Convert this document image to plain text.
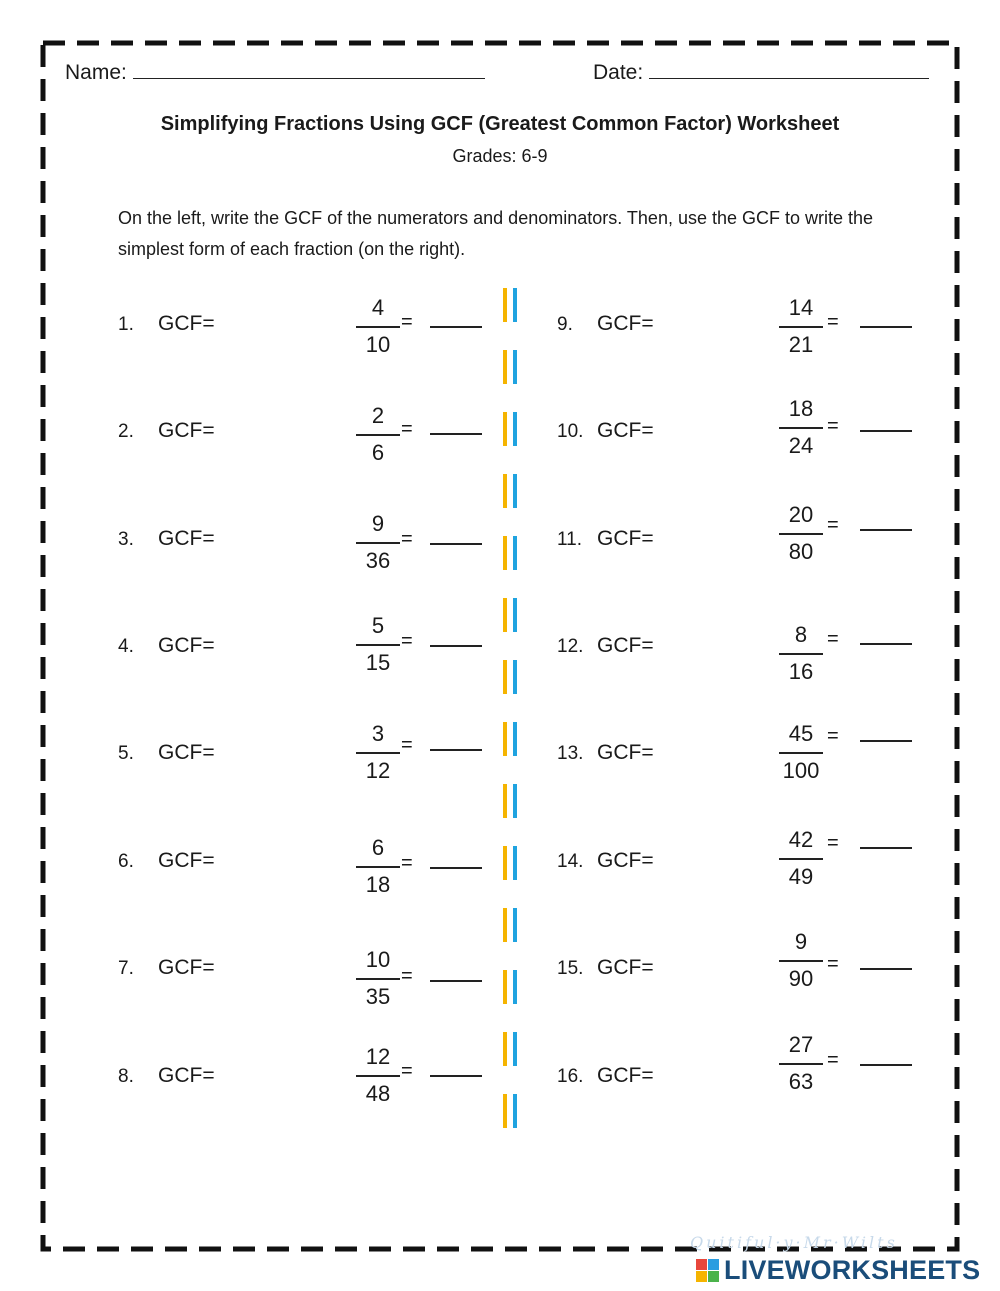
Name:	Date:
Simplifying Fractions Using GCF (Greatest Common Factor) Worksheet
Grades: 6-9
On the left, write the GCF of the numerators and denominators. Then, use the GCF to write the simplest form of each fraction (on the right).
1. GCF=
4
10
=
2. GCF=
2
6
=
3. GCF=
9
36
=
4. GCF=
5
15
=
5. GCF=
3
12
=
6. GCF=
6
18
=
7. GCF=	10
35
=
8. GCF=
12
48
=
9. GCF=
14
21
=
10. GCF=
18
24
=
11. GCF=
20
80
=
12. GCF=	8
16
=
13. GCF=
45
100
=
14. GCF=
42
49
=
15. GCF=
9
90
=
16. GCF=
27
63
=
Quitiful·y·Mr·Wilts
LIVEWORKSHEETS
